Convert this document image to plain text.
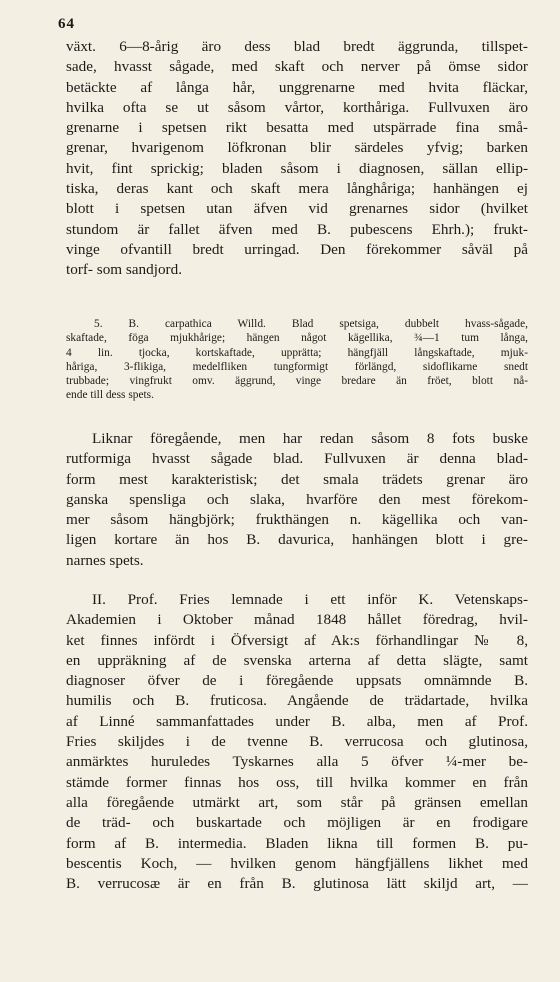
64
växt. 6—8-årig äro dess blad bredt äggrunda, tillspet-
sade, hvasst sågade, med skaft och nerver på ömse sidor
betäckte af långa hår, unggrenarne med hvita fläckar,
hvilka ofta se ut såsom vårtor, korthåriga. Fullvuxen äro
grenarne i spetsen rikt besatta med utspärrade fina små-
grenar, hvarigenom löfkronan blir särdeles yfvig; barken
hvit, fint sprickig; bladen såsom i diagnosen, sällan ellip-
tiska, deras kant och skaft mera långhåriga; hanhängen ej
blott i spetsen utan äfven vid grenarnes sidor (hvilket
stundom är fallet äfven med B. pubescens Ehrh.); frukt-
vinge ofvantill bredt urringad. Den förekommer såväl på
torf- som sandjord.
5. B. carpathica Willd. Blad spetsiga, dubbelt hvass-sågade,
skaftade, föga mjukhårige; hängen något kägellika, ¾—1 tum långa,
4 lin. tjocka, kortskaftade, upprätta; hängfjäll långskaftade, mjuk-
håriga, 3-flikiga, medelfliken tungformigt förlängd, sidoflikarne snedt
trubbade; vingfrukt omv. äggrund, vinge bredare än fröet, blott nå-
ende till dess spets.
Liknar föregående, men har redan såsom 8 fots buske
rutformiga hvasst sågade blad. Fullvuxen är denna blad-
form mest karakteristisk; det smala trädets grenar äro
ganska spensliga och slaka, hvarföre den mest förekom-
mer såsom hängbjörk; frukthängen n. kägellika och van-
ligen kortare än hos B. davurica, hanhängen blott i gre-
narnes spets.
II. Prof. Fries lemnade i ett inför K. Vetenskaps-
Akademien i Oktober månad 1848 hållet föredrag, hvil-
ket finnes infördt i Öfversigt af Ak:s förhandlingar № 8,
en uppräkning af de svenska arterna af detta slägte, samt
diagnoser öfver de i föregående uppsats omnämnde B.
humilis och B. fruticosa. Angående de trädartade, hvilka
af Linné sammanfattades under B. alba, men af Prof.
Fries skiljdes i de tvenne B. verrucosa och glutinosa,
anmärktes huruledes Tyskarnes alla 5 öfver ¼-mer be-
stämde former finnas hos oss, till hvilka kommer en från
alla föregående utmärkt art, som står på gränsen emellan
de träd- och buskartade och möjligen är en frodigare
form af B. intermedia. Bladen likna till formen B. pu-
bescentis Koch, — hvilken genom hängfjällens likhet med
B. verrucosæ är en från B. glutinosa lätt skiljd art, —
